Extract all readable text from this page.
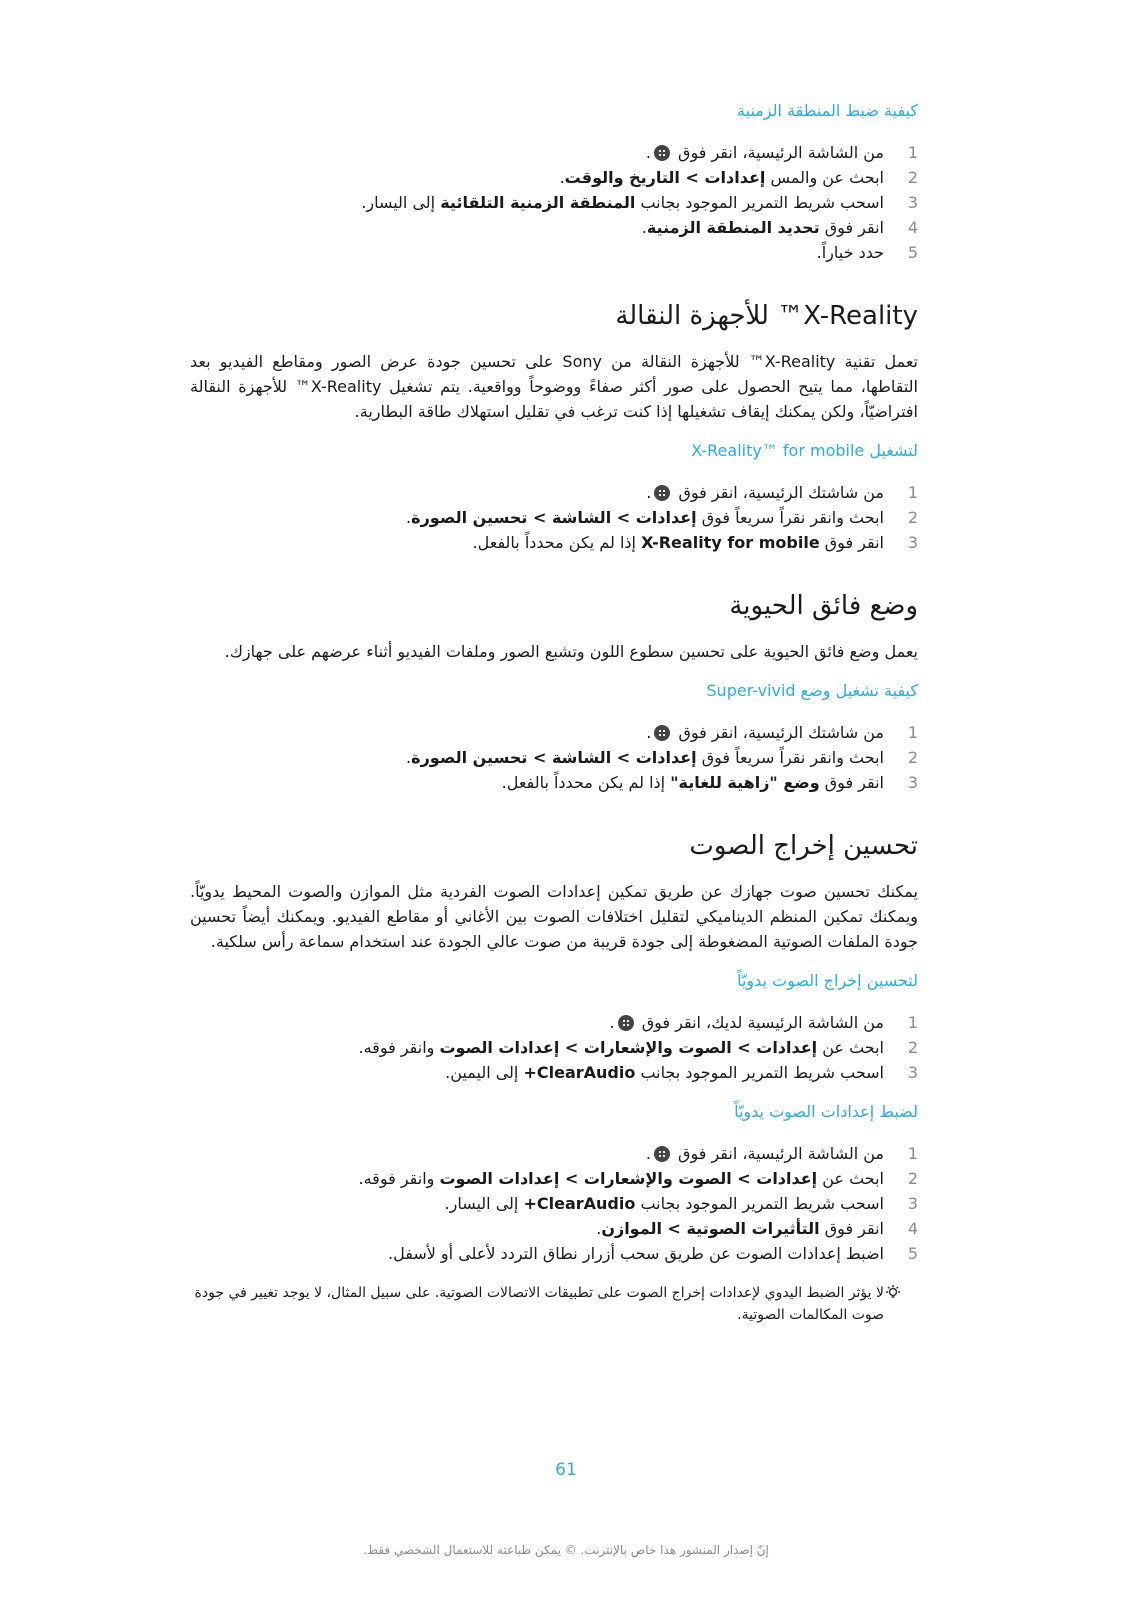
كيفية ضبط المنطقة الزمنية
1
من الشاشة الرئيسية، انقر فوق .
2
ابحث عن والمس إعدادات > التاريخ والوقت.
3
اسحب شريط التمرير الموجود بجانب المنطقة الزمنية التلقائية إلى اليسار.
4
انقر فوق تحديد المنطقة الزمنية.
5
حدد خياراً.
X-Reality™ للأجهزة النقالة

تعمل تقنية X-Reality™ للأجهزة النقالة من Sony على تحسين جودة عرض الصور ومقاطع الفيديو بعد التقاطها، مما يتيح الحصول على صور أكثر صفاءً ووضوحاً وواقعية. يتم تشغيل X-Reality™ للأجهزة النقالة افتراضيّاً، ولكن يمكنك إيقاف تشغيلها إذا كنت ترغب في تقليل استهلاك طاقة البطارية.

لتشغيل X-Reality™ for mobile
1
من شاشتك الرئيسية، انقر فوق .
2
ابحث وانقر نقراً سريعاً فوق إعدادات > الشاشة > تحسين الصورة.
3
انقر فوق X-Reality for mobile إذا لم يكن محدداً بالفعل.
وضع فائق الحيوية

يعمل وضع فائق الحيوية على تحسين سطوع اللون وتشبع الصور وملفات الفيديو أثناء عرضهم على جهازك.

كيفية تشغيل وضع Super-vivid
1
من شاشتك الرئيسية، انقر فوق .
2
ابحث وانقر نقراً سريعاً فوق إعدادات > الشاشة > تحسين الصورة.
3
انقر فوق وضع "زاهية للغاية" إذا لم يكن محدداً بالفعل.
تحسين إخراج الصوت

يمكنك تحسين صوت جهازك عن طريق تمكين إعدادات الصوت الفردية مثل الموازن والصوت المحيط يدويّاً. ويمكنك تمكين المنظم الديناميكي لتقليل اختلافات الصوت بين الأغاني أو مقاطع الفيديو. ويمكنك أيضاً تحسين جودة الملفات الصوتية المضغوطة إلى جودة قريبة من صوت عالي الجودة عند استخدام سماعة رأس سلكية.

لتحسين إخراج الصوت يدويّاً
1
من الشاشة الرئيسية لديك، انقر فوق .
2
ابحث عن إعدادات > الصوت والإشعارات > إعدادات الصوت وانقر فوقه.
3
اسحب شريط التمرير الموجود بجانب ClearAudio+ إلى اليمين.
لضبط إعدادات الصوت يدويّاً
1
من الشاشة الرئيسية، انقر فوق .
2
ابحث عن إعدادات > الصوت والإشعارات > إعدادات الصوت وانقر فوقه.
3
اسحب شريط التمرير الموجود بجانب ClearAudio+ إلى اليسار.
4
انقر فوق التأثيرات الصوتية > الموازن.
5
اضبط إعدادات الصوت عن طريق سحب أزرار نطاق التردد لأعلى أو لأسفل.
لا يؤثر الضبط اليدوي لإعدادات إخراج الصوت على تطبيقات الاتصالات الصوتية. على سبيل المثال، لا يوجد تغيير في جودة صوت المكالمات الصوتية.
61
إنّ إصدار المنشور هذا خاص بالإنترنت. © يمكن طباعته للاستعمال الشخصي فقط.
